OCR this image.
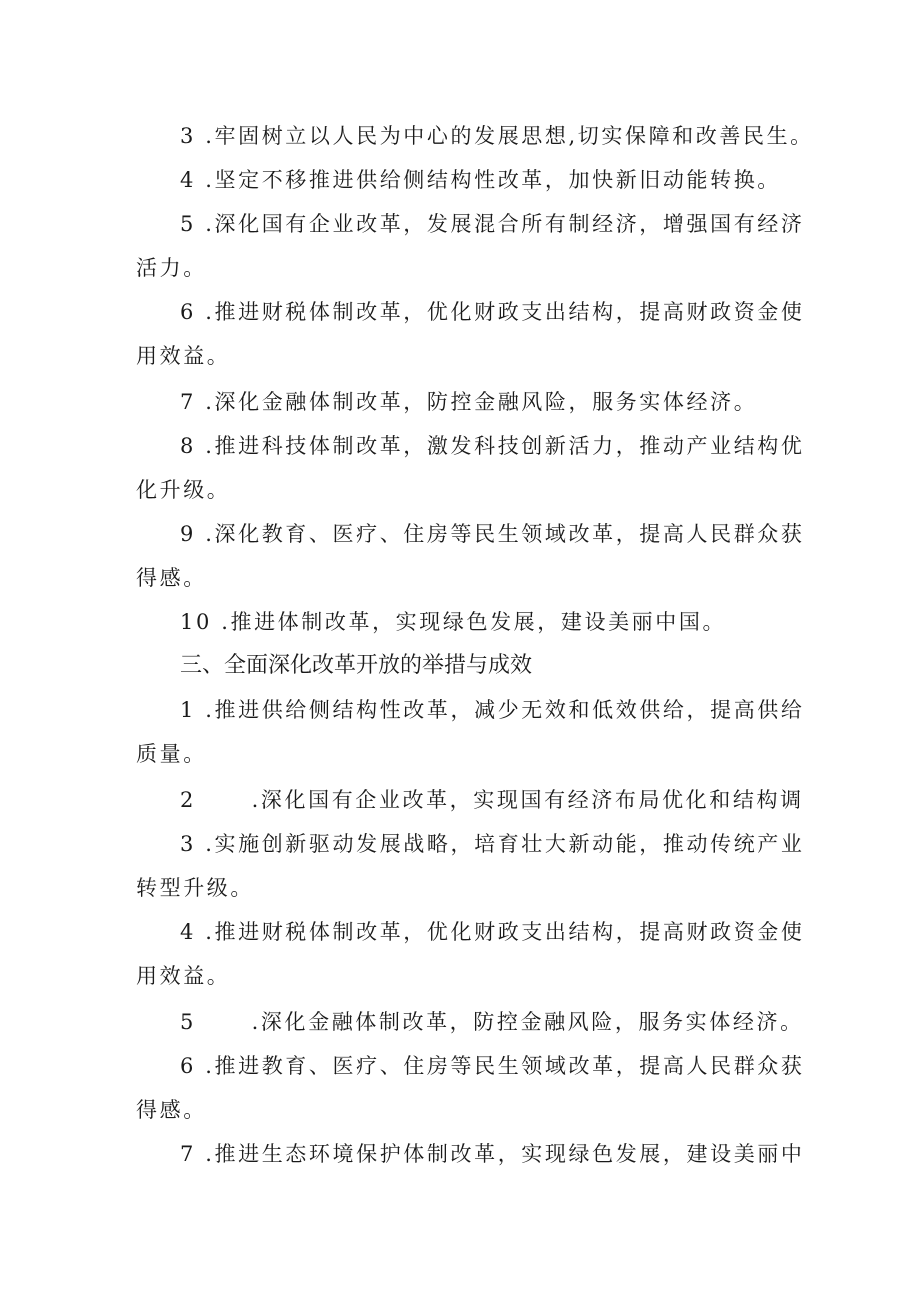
3 .牢固树立以人民为中心的发展思想,切实保障和改善民生。
4 .坚定不移推进供给侧结构性改革，加快新旧动能转换。
5 .深化国有企业改革，发展混合所有制经济，增强国有经济
活力。
6 .推进财税体制改革，优化财政支出结构，提高财政资金使
用效益。
7 .深化金融体制改革，防控金融风险，服务实体经济。
8 .推进科技体制改革，激发科技创新活力，推动产业结构优
化升级。
9 .深化教育、医疗、住房等民生领域改革，提高人民群众获
得感。
10 .推进体制改革，实现绿色发展，建设美丽中国。
三、全面深化改革开放的举措与成效
1 .推进供给侧结构性改革，减少无效和低效供给，提高供给
质量。
2      .深化国有企业改革，实现国有经济布局优化和结构调
3 .实施创新驱动发展战略，培育壮大新动能，推动传统产业
转型升级。
4 .推进财税体制改革，优化财政支出结构，提高财政资金使
用效益。
5      .深化金融体制改革，防控金融风险，服务实体经济。
6 .推进教育、医疗、住房等民生领域改革，提高人民群众获
得感。
7 .推进生态环境保护体制改革，实现绿色发展，建设美丽中
